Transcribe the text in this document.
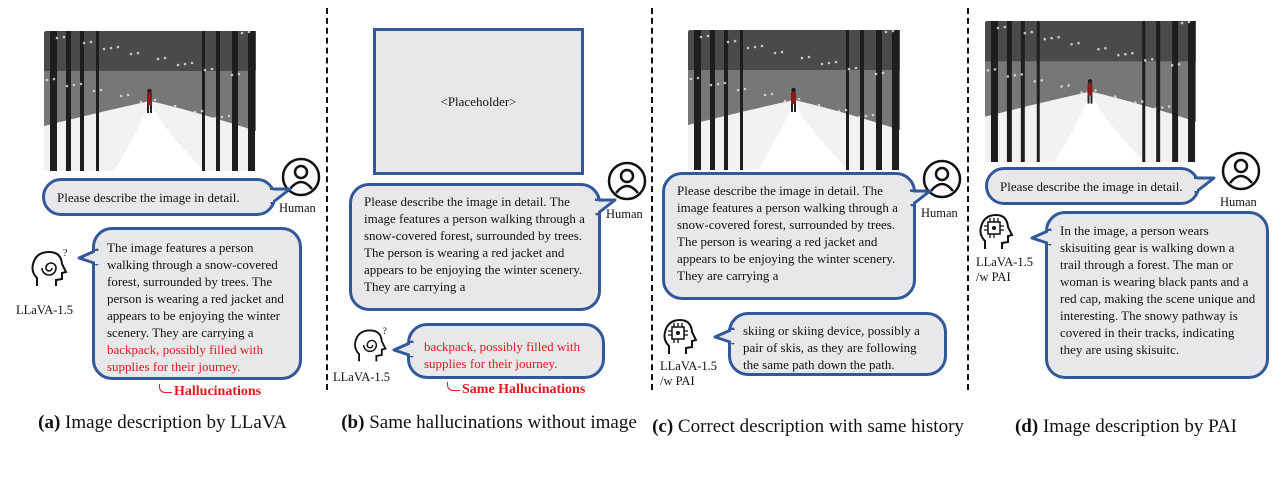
Human

Please describe the image in detail.

?
LLaVA-1.5

The image features a person walking through a snow-covered forest, surrounded by trees. The person is wearing a red jacket and appears to be enjoying the winter scenery. They are carrying a backpack, possibly filled with supplies for their journey.

Hallucinations
(a) Image description by LLaVA
<Placeholder>
Human

Please describe the image in detail. The image features a person walking through a snow-covered forest, surrounded by trees. The person is wearing a red jacket and appears to be enjoying the winter scenery. They are carrying a

?
LLaVA-1.5

backpack, possibly filled with supplies for their journey.

Same Hallucinations
(b) Same hallucinations without image
Human

Please describe the image in detail. The image features a person walking through a snow-covered forest, surrounded by trees. The person is wearing a red jacket and appears to be enjoying the winter scenery. They are carrying a

LLaVA-1.5
/w PAI

skiing or skiing device, possibly a pair of skis, as they are following the same path down the path.

(c) Correct description with same history
Human

Please describe the image in detail.

LLaVA-1.5
/w PAI

In the image, a person wears skisuiting gear is walking down a trail through a forest. The man or woman is wearing black pants and a red cap, making the scene unique and interesting. The snowy pathway is covered in their tracks, indicating they are using skisuitc.

(d) Image description by PAI
